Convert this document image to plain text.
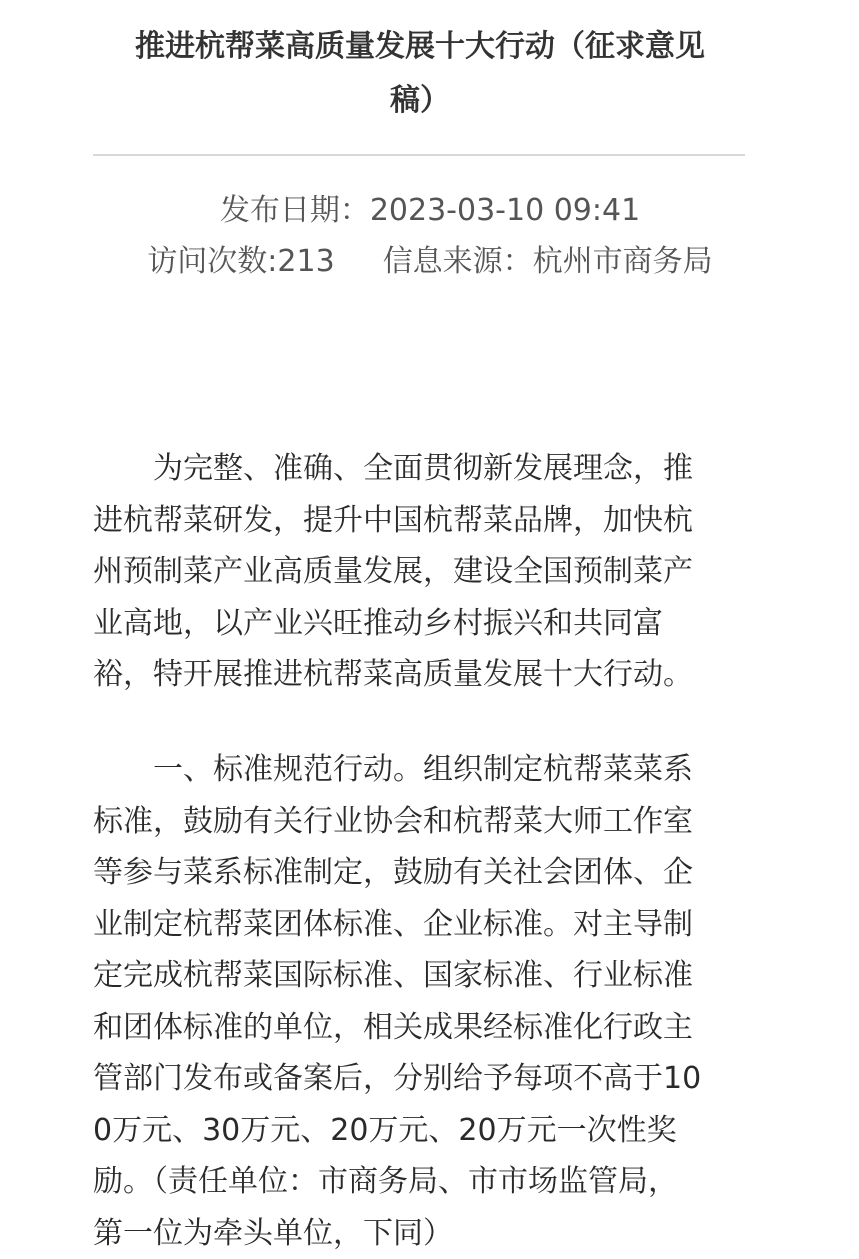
推进杭帮菜高质量发展十大行动（征求意见
稿）
发布日期：2023-03-10 09:41
访问次数:213 信息来源：杭州市商务局

为完整、准确、全面贯彻新发展理念，推
进杭帮菜研发，提升中国杭帮菜品牌，加快杭
州预制菜产业高质量发展，建设全国预制菜产
业高地，以产业兴旺推动乡村振兴和共同富
裕，特开展推进杭帮菜高质量发展十大行动。

一、标准规范行动。组织制定杭帮菜菜系
标准，鼓励有关行业协会和杭帮菜大师工作室
等参与菜系标准制定，鼓励有关社会团体、企
业制定杭帮菜团体标准、企业标准。对主导制
定完成杭帮菜国际标准、国家标准、行业标准
和团体标准的单位，相关成果经标准化行政主
管部门发布或备案后，分别给予每项不高于10
0万元、30万元、20万元、20万元一次性奖
励。（责任单位：市商务局、市市场监管局，
第一位为牵头单位，下同）
